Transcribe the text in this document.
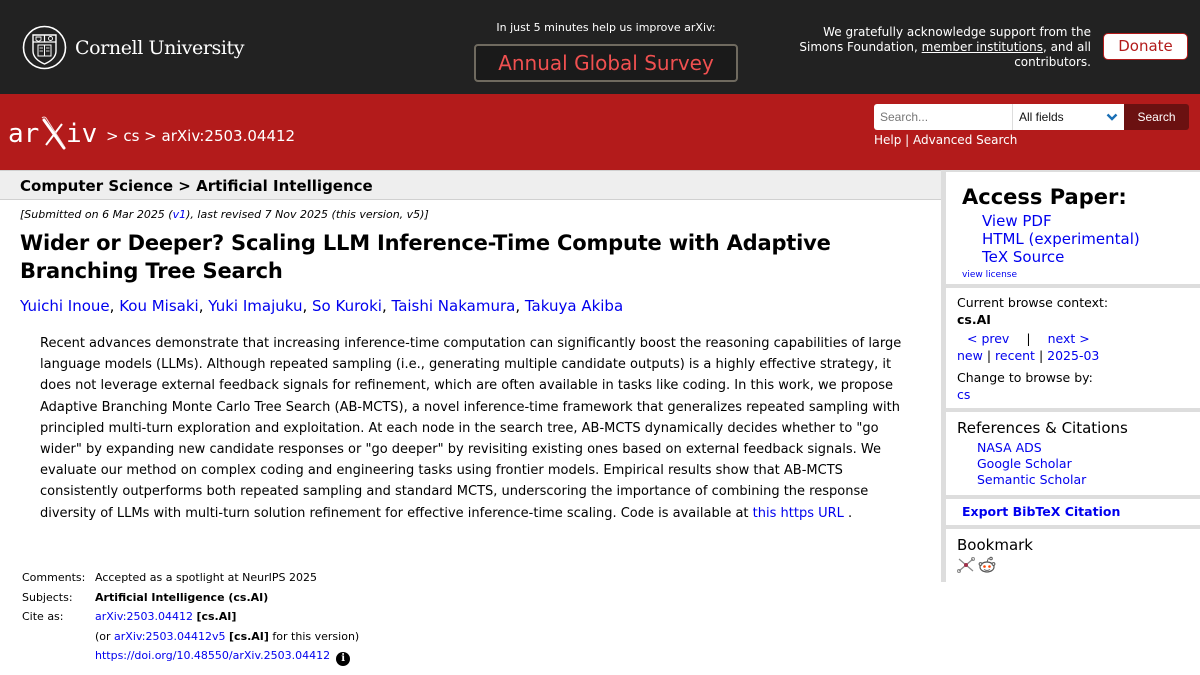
Cornell University
In just 5 minutes help us improve arXiv:
Annual Global Survey
We gratefully acknowledge support from the Simons Foundation, member institutions, and all contributors.
Donate
ar iv > cs > arXiv:2503.04412
Search...
All fields	Search
Help | Advanced Search
Computer Science > Artificial Intelligence
[Submitted on 6 Mar 2025 (v1), last revised 7 Nov 2025 (this version, v5)]
Wider or Deeper? Scaling LLM Inference-Time Compute with Adaptive Branching Tree Search
Yuichi Inoue, Kou Misaki, Yuki Imajuku, So Kuroki, Taishi Nakamura, Takuya Akiba
Recent advances demonstrate that increasing inference-time computation can significantly boost the reasoning capabilities of large language models (LLMs). Although repeated sampling (i.e., generating multiple candidate outputs) is a highly effective strategy, it does not leverage external feedback signals for refinement, which are often available in tasks like coding. In this work, we propose Adaptive Branching Monte Carlo Tree Search (AB-MCTS), a novel inference-time framework that generalizes repeated sampling with principled multi-turn exploration and exploitation. At each node in the search tree, AB-MCTS dynamically decides whether to "go wider" by expanding new candidate responses or "go deeper" by revisiting existing ones based on external feedback signals. We evaluate our method on complex coding and engineering tasks using frontier models. Empirical results show that AB-MCTS consistently outperforms both repeated sampling and standard MCTS, underscoring the importance of combining the response diversity of LLMs with multi-turn solution refinement for effective inference-time scaling. Code is available at this https URL .
Comments: Accepted as a spotlight at NeurIPS 2025
Subjects:	Artificial Intelligence (cs.AI)
Cite as:	arXiv:2503.04412 [cs.AI]
(or arXiv:2503.04412v5 [cs.AI] for this version)
https://doi.org/10.48550/arXiv.2503.04412 i
Access Paper:
View PDF
HTML (experimental)
TeX Source
view license
Current browse context:
cs.AI
< prev | next >
new | recent | 2025-03
Change to browse by:
cs
References & Citations
NASA ADS
Google Scholar
Semantic Scholar
Export BibTeX Citation
Bookmark
